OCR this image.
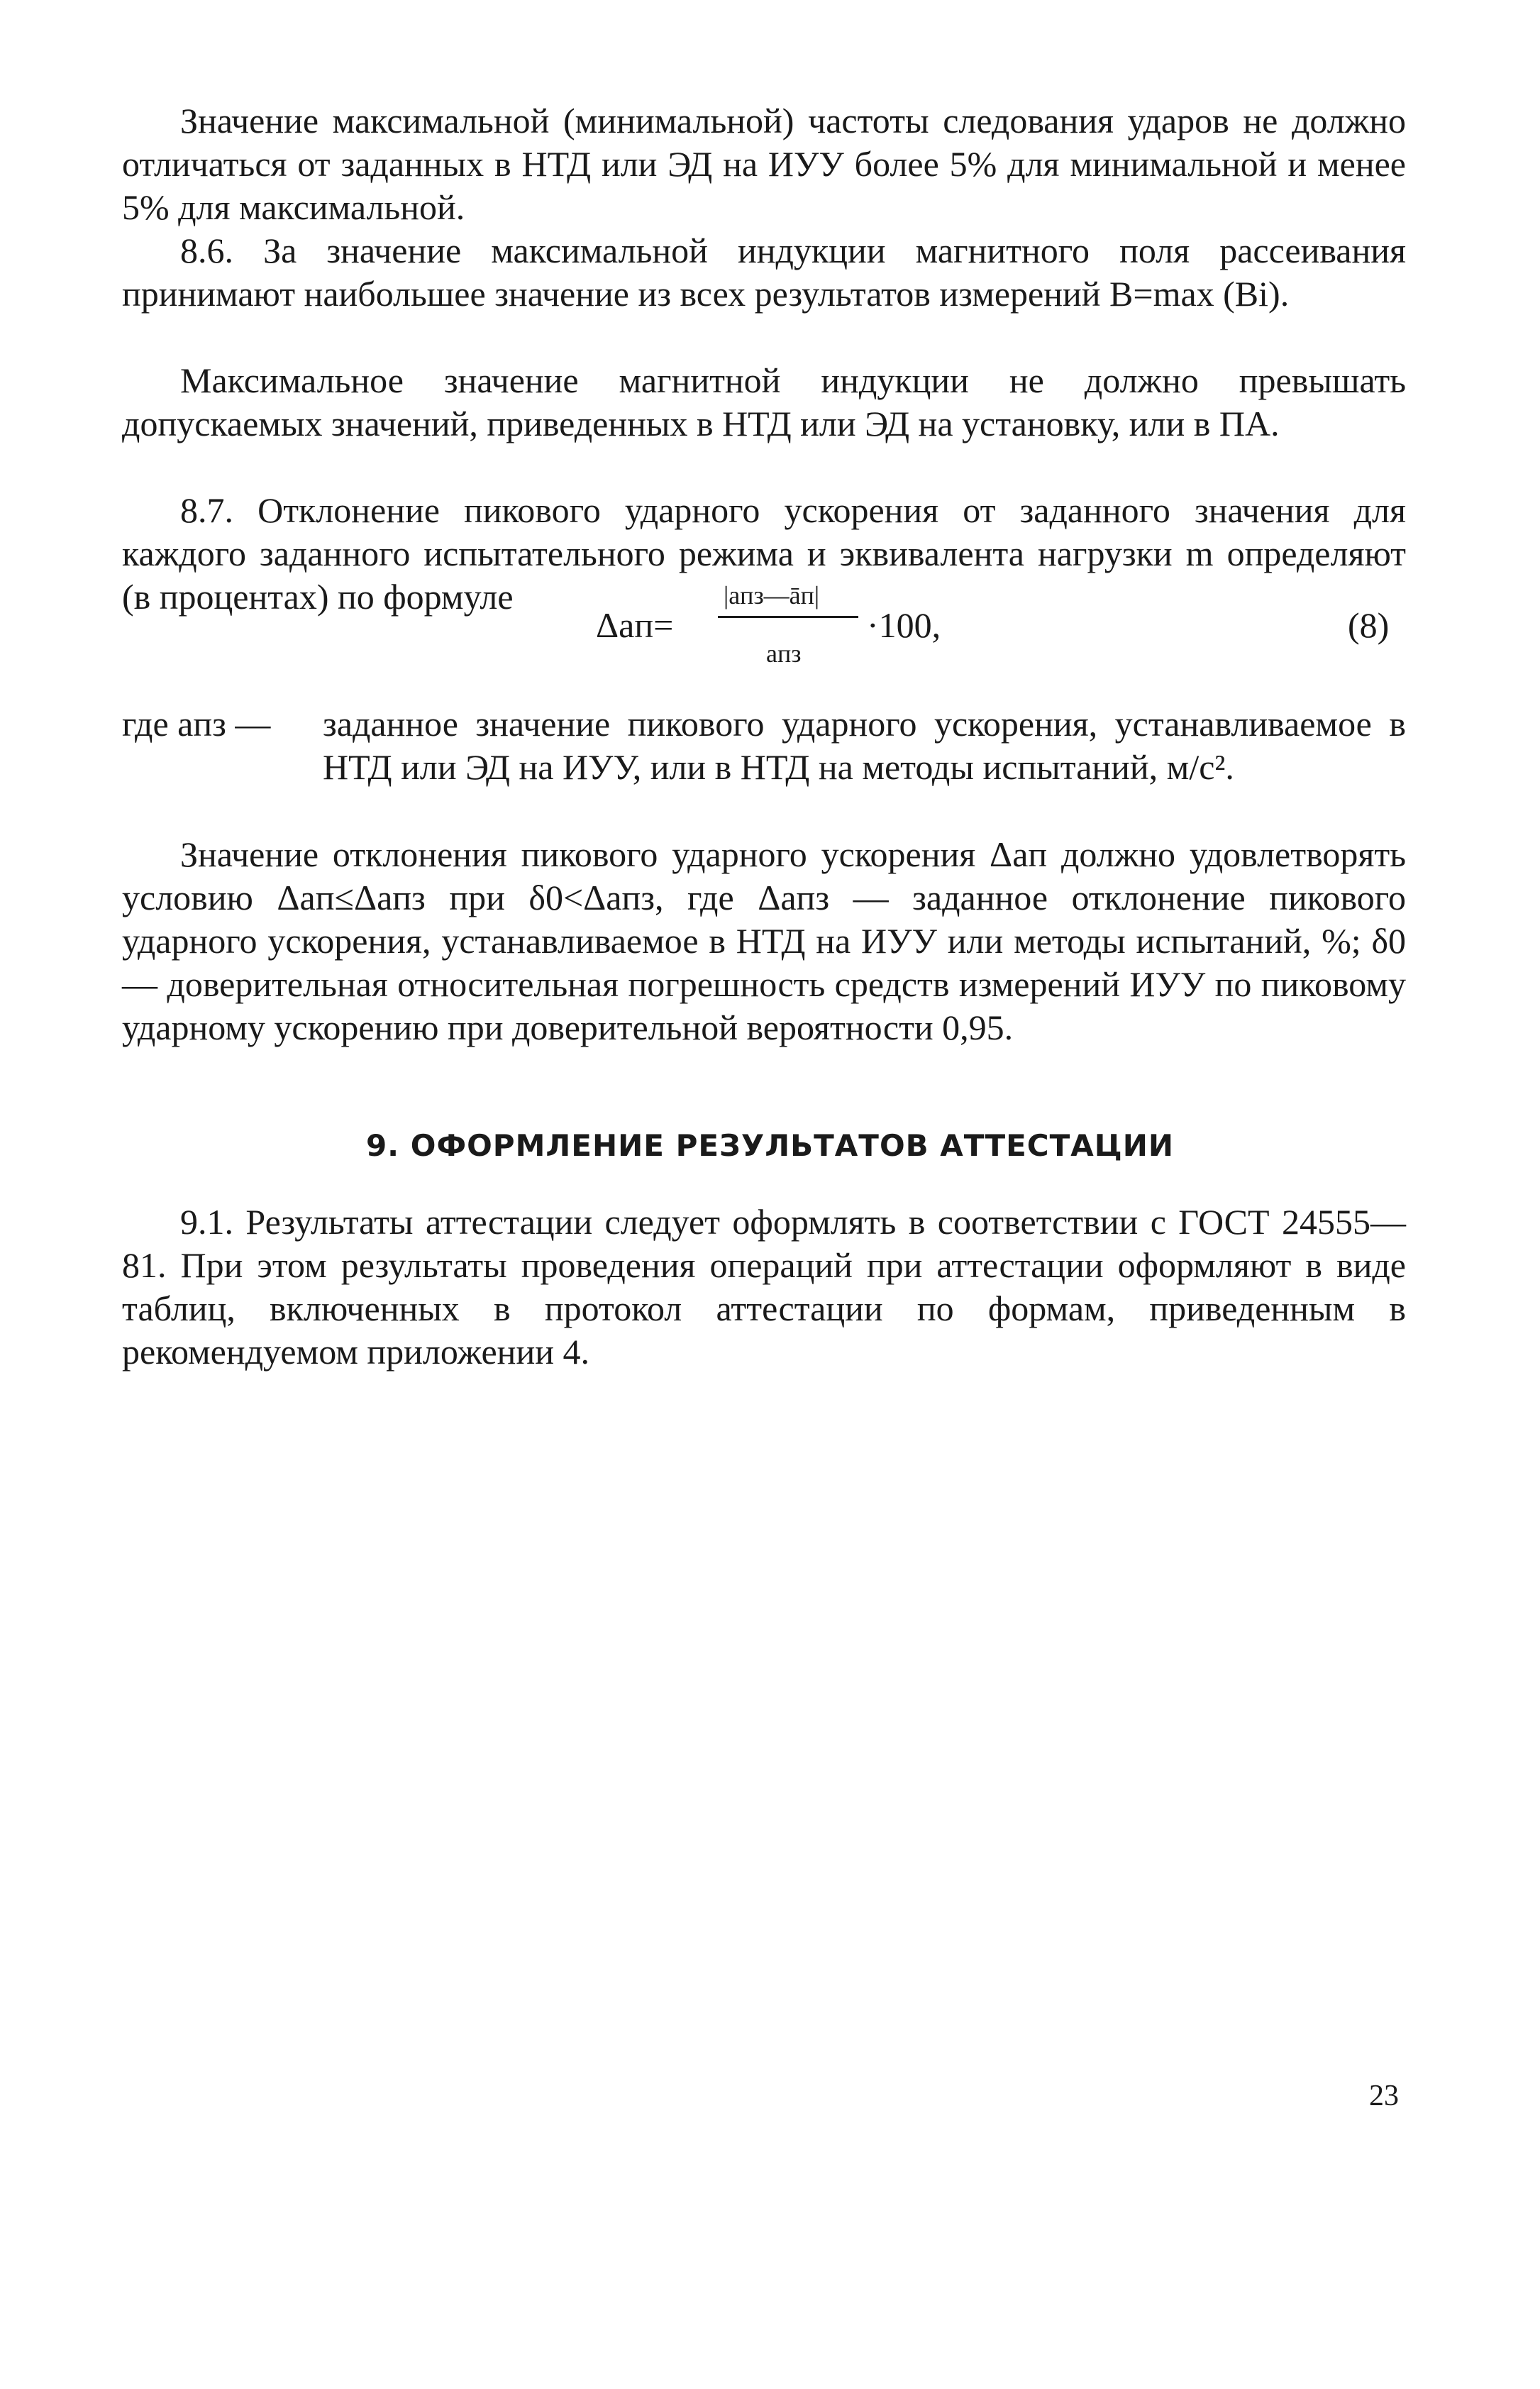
Значение максимальной (минимальной) частоты следования ударов не должно отличаться от заданных в НТД или ЭД на ИУУ более 5% для минимальной и менее 5% для максимальной.

8.6. За значение максимальной индукции магнитного поля рассеивания принимают наибольшее значение из всех результатов измерений B=max (Bi).

Максимальное значение магнитной индукции не должно превышать допускаемых значений, приведенных в НТД или ЭД на установку, или в ПА.

8.7. Отклонение пикового ударного ускорения от заданного значения для каждого заданного испытательного режима и эквивалента нагрузки m определяют (в процентах) по формуле

Δaп=
|aпз—āп|
aпз
·100,	(8)
где aпз — заданное значение пикового ударного ускорения, устанавливаемое в НТД или ЭД на ИУУ, или в НТД на методы испытаний, м/с².

Значение отклонения пикового ударного ускорения Δaп должно удовлетворять условию Δaп≤Δaпз при δ0<Δaпз, где Δaпз — заданное отклонение пикового ударного ускорения, устанавливаемое в НТД на ИУУ или методы испытаний, %; δ0 — доверительная относительная погрешность средств измерений ИУУ по пиковому ударному ускорению при доверительной вероятности 0,95.

9. ОФОРМЛЕНИЕ РЕЗУЛЬТАТОВ АТТЕСТАЦИИ

9.1. Результаты аттестации следует оформлять в соответствии с ГОСТ 24555—81. При этом результаты проведения операций при аттестации оформляют в виде таблиц, включенных в протокол аттестации по формам, приведенным в рекомендуемом приложении 4.

23
